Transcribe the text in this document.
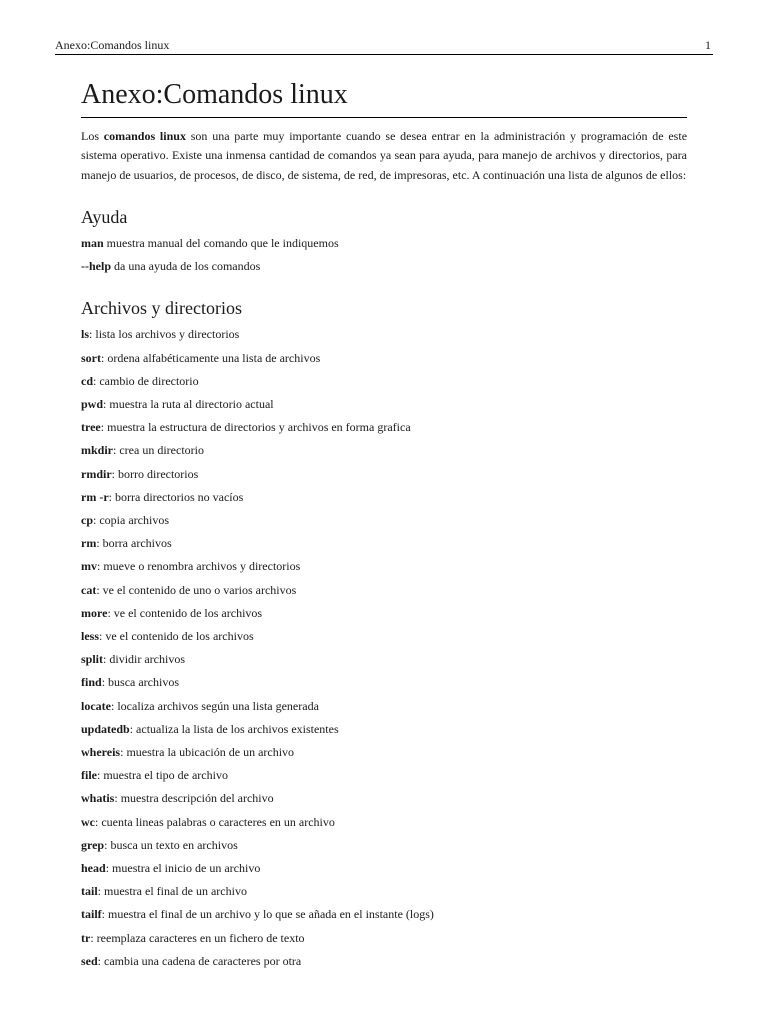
Anexo:Comandos linux	1
Anexo:Comandos linux

Los comandos linux son una parte muy importante cuando se desea entrar en la administración y programación de este sistema operativo. Existe una inmensa cantidad de comandos ya sean para ayuda, para manejo de archivos y directorios, para manejo de usuarios, de procesos, de disco, de sistema, de red, de impresoras, etc. A continuación una lista de algunos de ellos:

Ayuda
man muestra manual del comando que le indiquemos
--help da una ayuda de los comandos
Archivos y directorios
ls: lista los archivos y directorios
sort: ordena alfabéticamente una lista de archivos
cd: cambio de directorio
pwd: muestra la ruta al directorio actual
tree: muestra la estructura de directorios y archivos en forma grafica
mkdir: crea un directorio
rmdir: borro directorios
rm -r: borra directorios no vacíos
cp: copia archivos
rm: borra archivos
mv: mueve o renombra archivos y directorios
cat: ve el contenido de uno o varios archivos
more: ve el contenido de los archivos
less: ve el contenido de los archivos
split: dividir archivos
find: busca archivos
locate: localiza archivos según una lista generada
updatedb: actualiza la lista de los archivos existentes
whereis: muestra la ubicación de un archivo
file: muestra el tipo de archivo
whatis: muestra descripción del archivo
wc: cuenta lineas palabras o caracteres en un archivo
grep: busca un texto en archivos
head: muestra el inicio de un archivo
tail: muestra el final de un archivo
tailf: muestra el final de un archivo y lo que se añada en el instante (logs)
tr: reemplaza caracteres en un fichero de texto
sed: cambia una cadena de caracteres por otra
